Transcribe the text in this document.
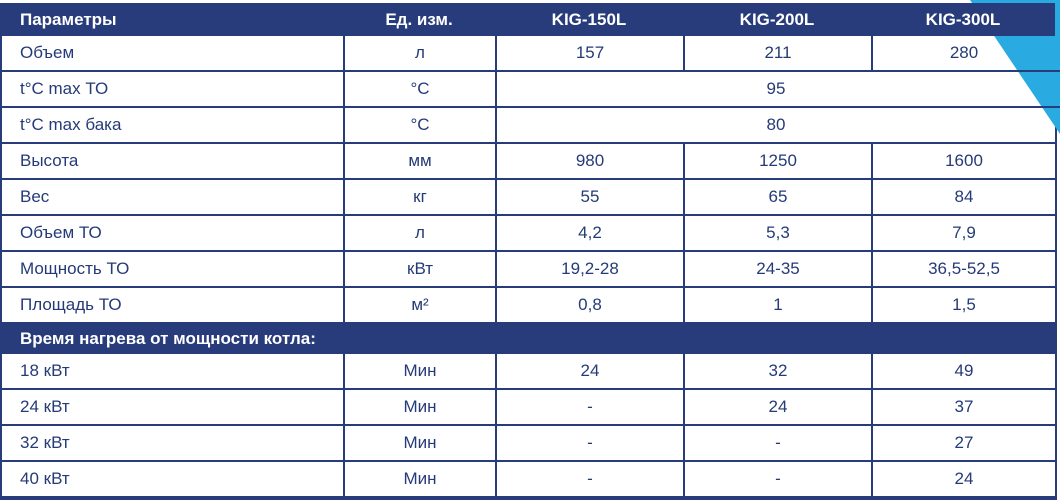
Параметры	Ед. изм.	KIG-150L	KIG-200L	KIG-300L
Объем	л	157	211	280
t°C max ТО	°C	95
t°C max бака	°C	80
Высота	мм	980	1250	1600
Вес	кг	55	65	84
Объем ТО	л	4,2	5,3	7,9
Мощность ТО	кВт	19,2-28	24-35	36,5-52,5
Площадь ТО	м²	0,8	1	1,5
Время нагрева от мощности котла:
18 кВт	Мин	24	32	49
24 кВт	Мин	-	24	37
32 кВт	Мин	-	-	27
40 кВт	Мин	-	-	24
